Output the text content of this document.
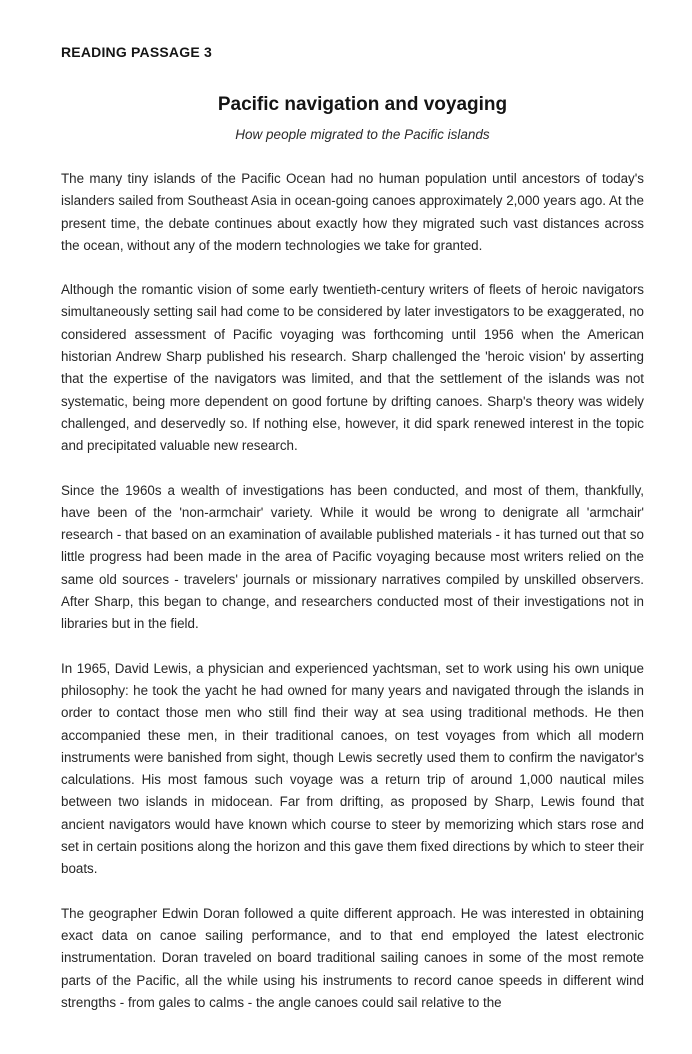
READING PASSAGE 3
Pacific navigation and voyaging
How people migrated to the Pacific islands

The many tiny islands of the Pacific Ocean had no human population until ancestors of today's islanders sailed from Southeast Asia in ocean-going canoes approximately 2,000 years ago. At the present time, the debate continues about exactly how they migrated such vast distances across the ocean, without any of the modern technologies we take for granted.

Although the romantic vision of some early twentieth-century writers of fleets of heroic navigators simultaneously setting sail had come to be considered by later investigators to be exaggerated, no considered assessment of Pacific voyaging was forthcoming until 1956 when the American historian Andrew Sharp published his research. Sharp challenged the 'heroic vision' by asserting that the expertise of the navigators was limited, and that the settlement of the islands was not systematic, being more dependent on good fortune by drifting canoes. Sharp's theory was widely challenged, and deservedly so. If nothing else, however, it did spark renewed interest in the topic and precipitated valuable new research.

Since the 1960s a wealth of investigations has been conducted, and most of them, thankfully, have been of the 'non-armchair' variety. While it would be wrong to denigrate all 'armchair' research - that based on an examination of available published materials - it has turned out that so little progress had been made in the area of Pacific voyaging because most writers relied on the same old sources - travelers' journals or missionary narratives compiled by unskilled observers. After Sharp, this began to change, and researchers conducted most of their investigations not in libraries but in the field.

In 1965, David Lewis, a physician and experienced yachtsman, set to work using his own unique philosophy: he took the yacht he had owned for many years and navigated through the islands in order to contact those men who still find their way at sea using traditional methods. He then accompanied these men, in their traditional canoes, on test voyages from which all modern instruments were banished from sight, though Lewis secretly used them to confirm the navigator's calculations. His most famous such voyage was a return trip of around 1,000 nautical miles between two islands in midocean. Far from drifting, as proposed by Sharp, Lewis found that ancient navigators would have known which course to steer by memorizing which stars rose and set in certain positions along the horizon and this gave them fixed directions by which to steer their boats.

The geographer Edwin Doran followed a quite different approach. He was interested in obtaining exact data on canoe sailing performance, and to that end employed the latest electronic instrumentation. Doran traveled on board traditional sailing canoes in some of the most remote parts of the Pacific, all the while using his instruments to record canoe speeds in different wind strengths - from gales to calms - the angle canoes could sail relative to the
